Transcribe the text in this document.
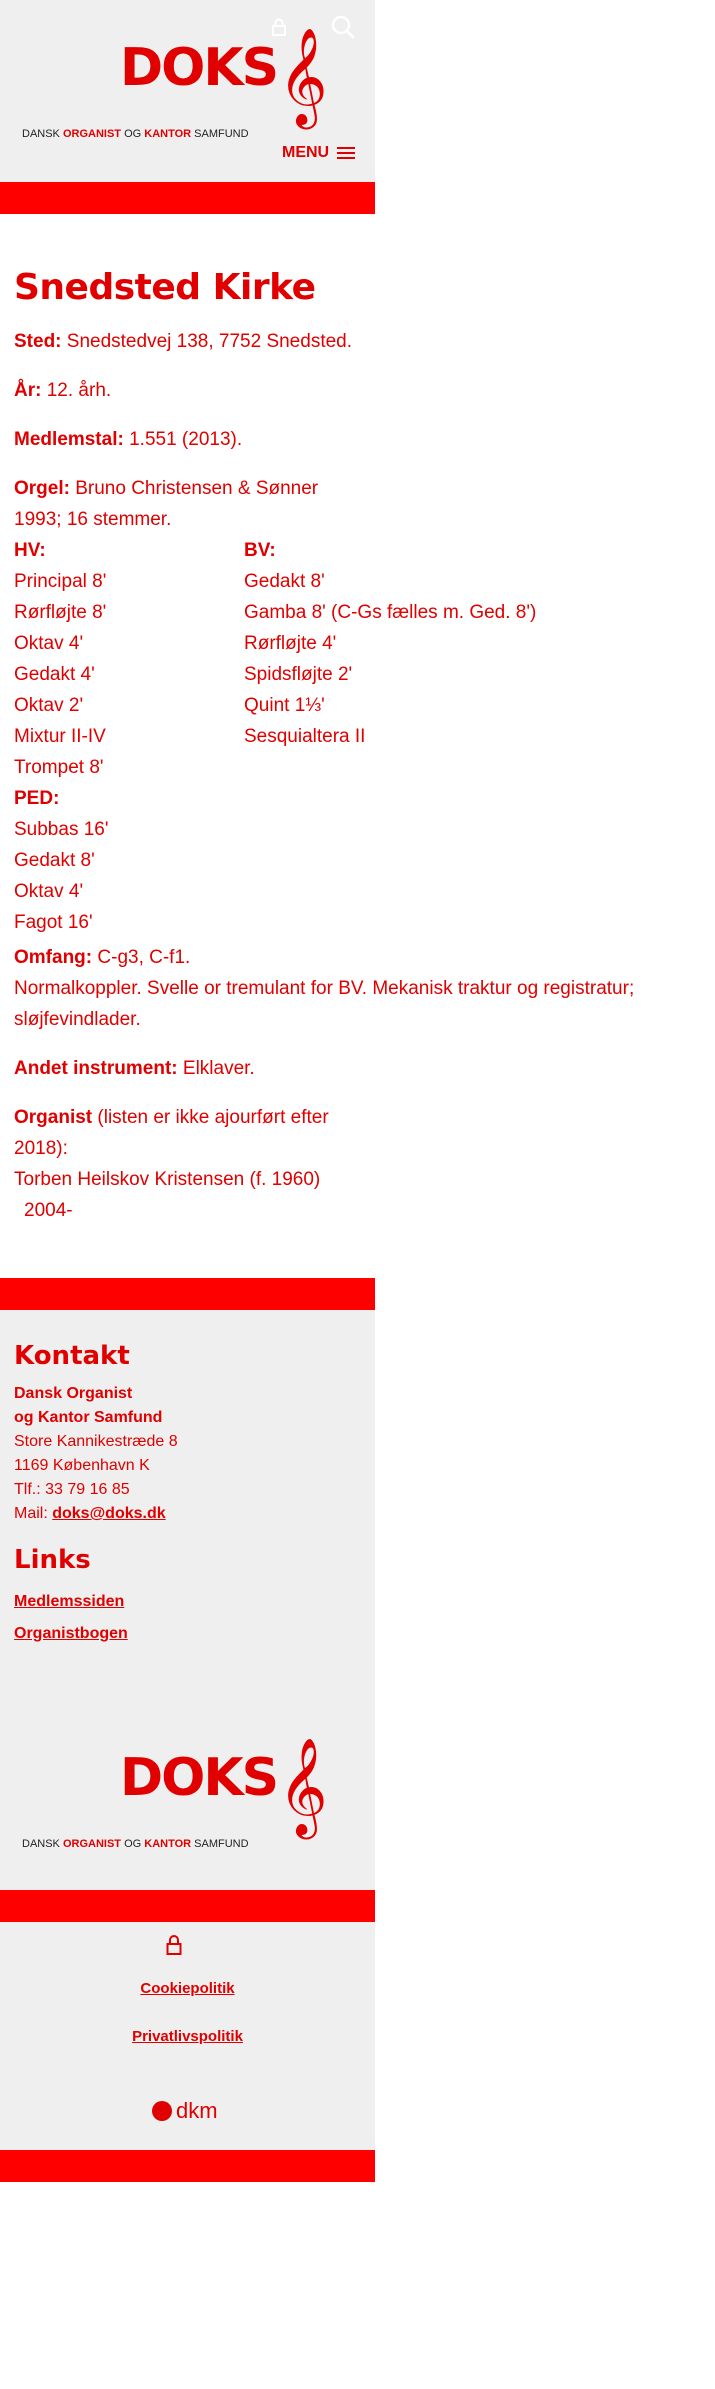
DOKS 𝄞
DANSK ORGANIST OG KANTOR SAMFUND
MENU
Snedsted Kirke

Sted: Snedstedvej 138, 7752 Snedsted.

År: 12. årh.

Medlemstal: 1.551 (2013).

Orgel: Bruno Christensen & Sønner 1993; 16 stemmer.

HV:	BV:
Principal 8'	Gedakt 8'
Rørfløjte 8'	Gamba 8' (C-Gs fælles m. Ged. 8')
Oktav 4'	Rørfløjte 4'
Gedakt 4'	Spidsfløjte 2'
Oktav 2'	Quint 1⅓'
Mixtur II-IV	Sesquialtera II
Trompet 8'
PED:
Subbas 16'
Gedakt 8'
Oktav 4'
Fagot 16'

Omfang: C-g3, C-f1.

Normalkoppler. Svelle or tremulant for BV. Mekanisk traktur og registratur; sløjfevindlader.

Andet instrument: Elklaver.

Organist (listen er ikke ajourført efter 2018):
Torben Heilskov Kristensen (f. 1960)
2004-
Kontakt

Dansk Organist
og Kantor Samfund

Store Kannikestræde 8

1169 København K

Tlf.: 33 79 16 85

Mail: doks@doks.dk

Links
Medlemssiden
Organistbogen
DOKS 𝄞
DANSK ORGANIST OG KANTOR SAMFUND
Cookiepolitik
Privatlivspolitik
dkm
